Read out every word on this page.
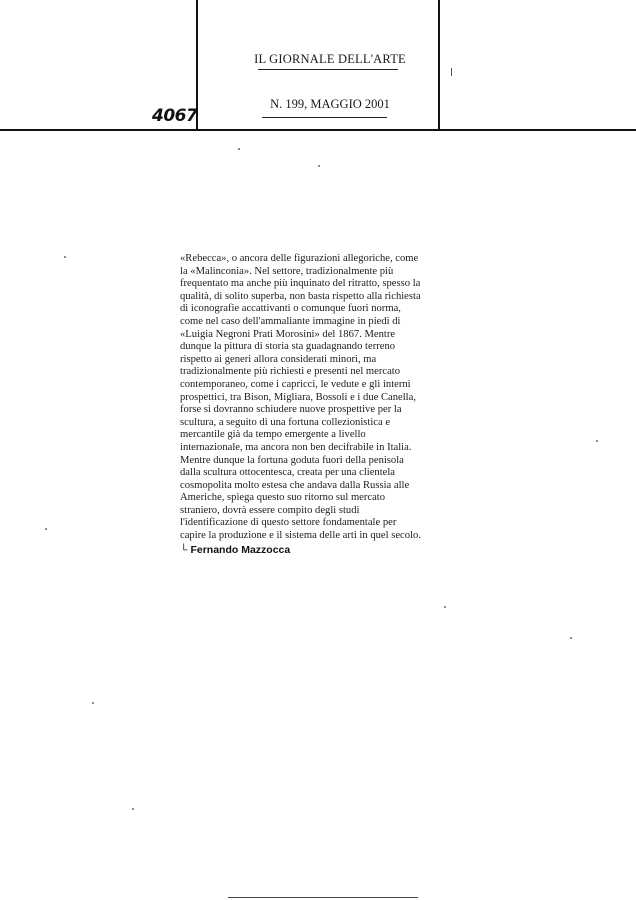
IL GIORNALE DELL'ARTE
N. 199, MAGGIO 2001
4067
«Rebecca», o ancora delle figurazioni allegoriche, come
la «Malinconia». Nel settore, tradizionalmente più
frequentato ma anche più inquinato del ritratto, spesso la
qualità, di solito superba, non basta rispetto alla richiesta
di iconografie accattivanti o comunque fuori norma,
come nel caso dell'ammaliante immagine in piedi di
«Luigia Negroni Prati Morosini» del 1867. Mentre
dunque la pittura di storia sta guadagnando terreno
rispetto ai generi allora considerati minori, ma
tradizionalmente più richiesti e presenti nel mercato
contemporaneo, come i capricci, le vedute e gli interni
prospettici, tra Bison, Migliara, Bossoli e i due Canella,
forse si dovranno schiudere nuove prospettive per la
scultura, a seguito di una fortuna collezionistica e
mercantile già da tempo emergente a livello
internazionale, ma ancora non ben decifrabile in Italia.
Mentre dunque la fortuna goduta fuori della penisola
dalla scultura ottocentesca, creata per una clientela
cosmopolita molto estesa che andava dalla Russia alle
Americhe, spiega questo suo ritorno sul mercato
straniero, dovrà essere compito degli studi
l'identificazione di questo settore fondamentale per
capire la produzione e il sistema delle arti in quel secolo.
└ Fernando Mazzocca
